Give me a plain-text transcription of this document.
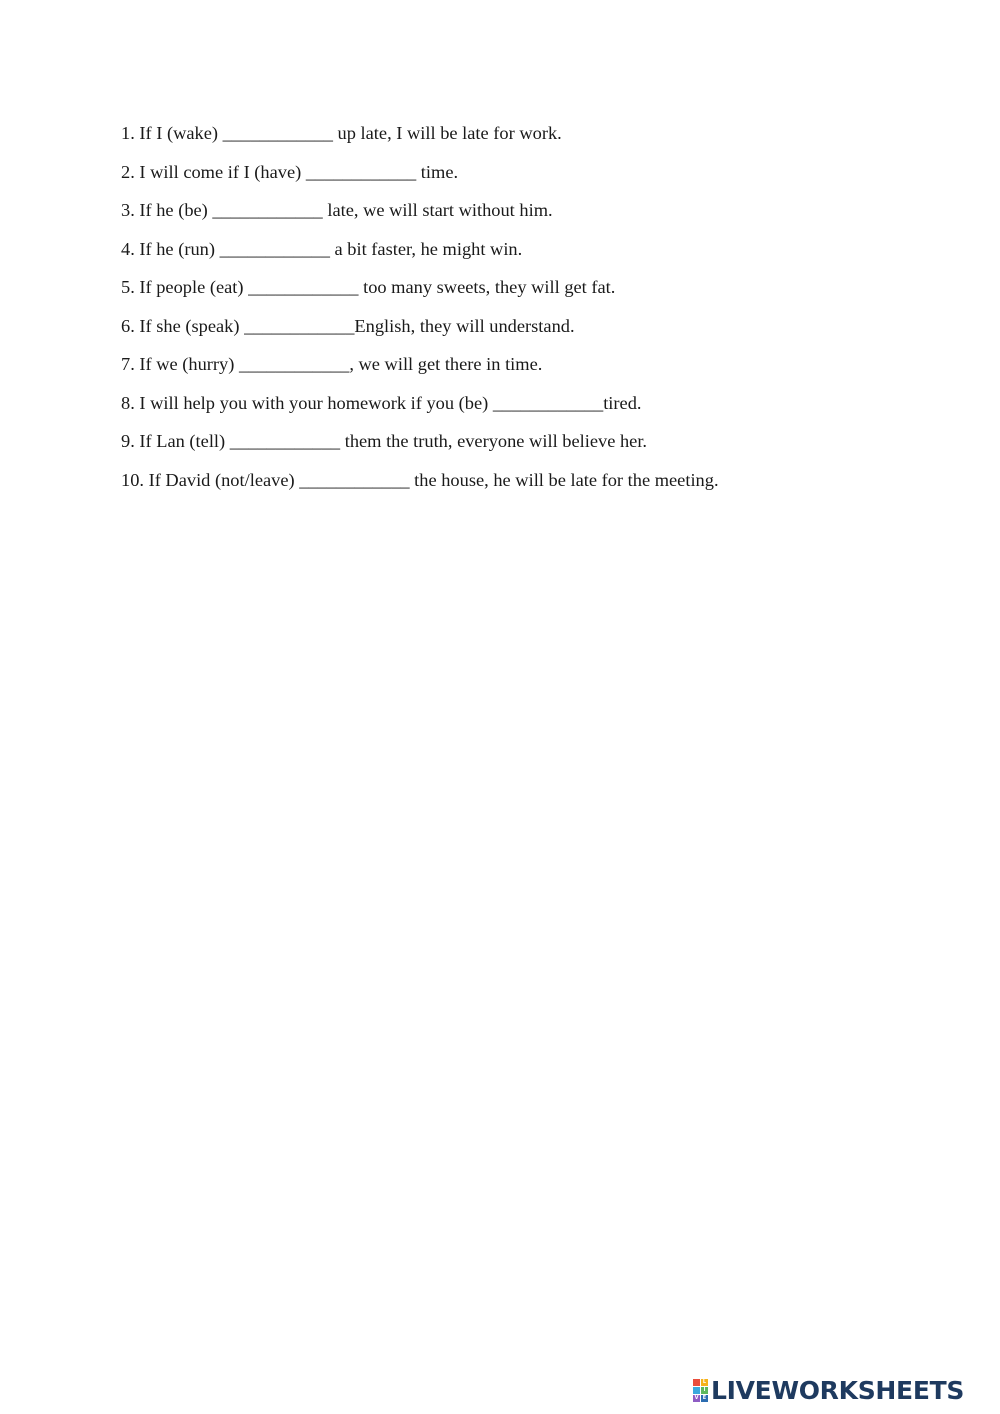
1. If I (wake) ____________ up late, I will be late for work.
2. I will come if I (have) ____________ time.
3. If he (be) ____________ late, we will start without him.
4. If he (run) ____________ a bit faster, he might win.
5. If people (eat) ____________ too many sweets, they will get fat.
6. If she (speak) ____________English, they will understand.
7. If we (hurry) ____________, we will get there in time.
8. I will help you with your homework if you (be) ____________tired.
9. If Lan (tell) ____________ them the truth, everyone will believe her.
10. If David (not/leave) ____________ the house, he will be late for the meeting.
L
I
V E LIVEWORKSHEETS
